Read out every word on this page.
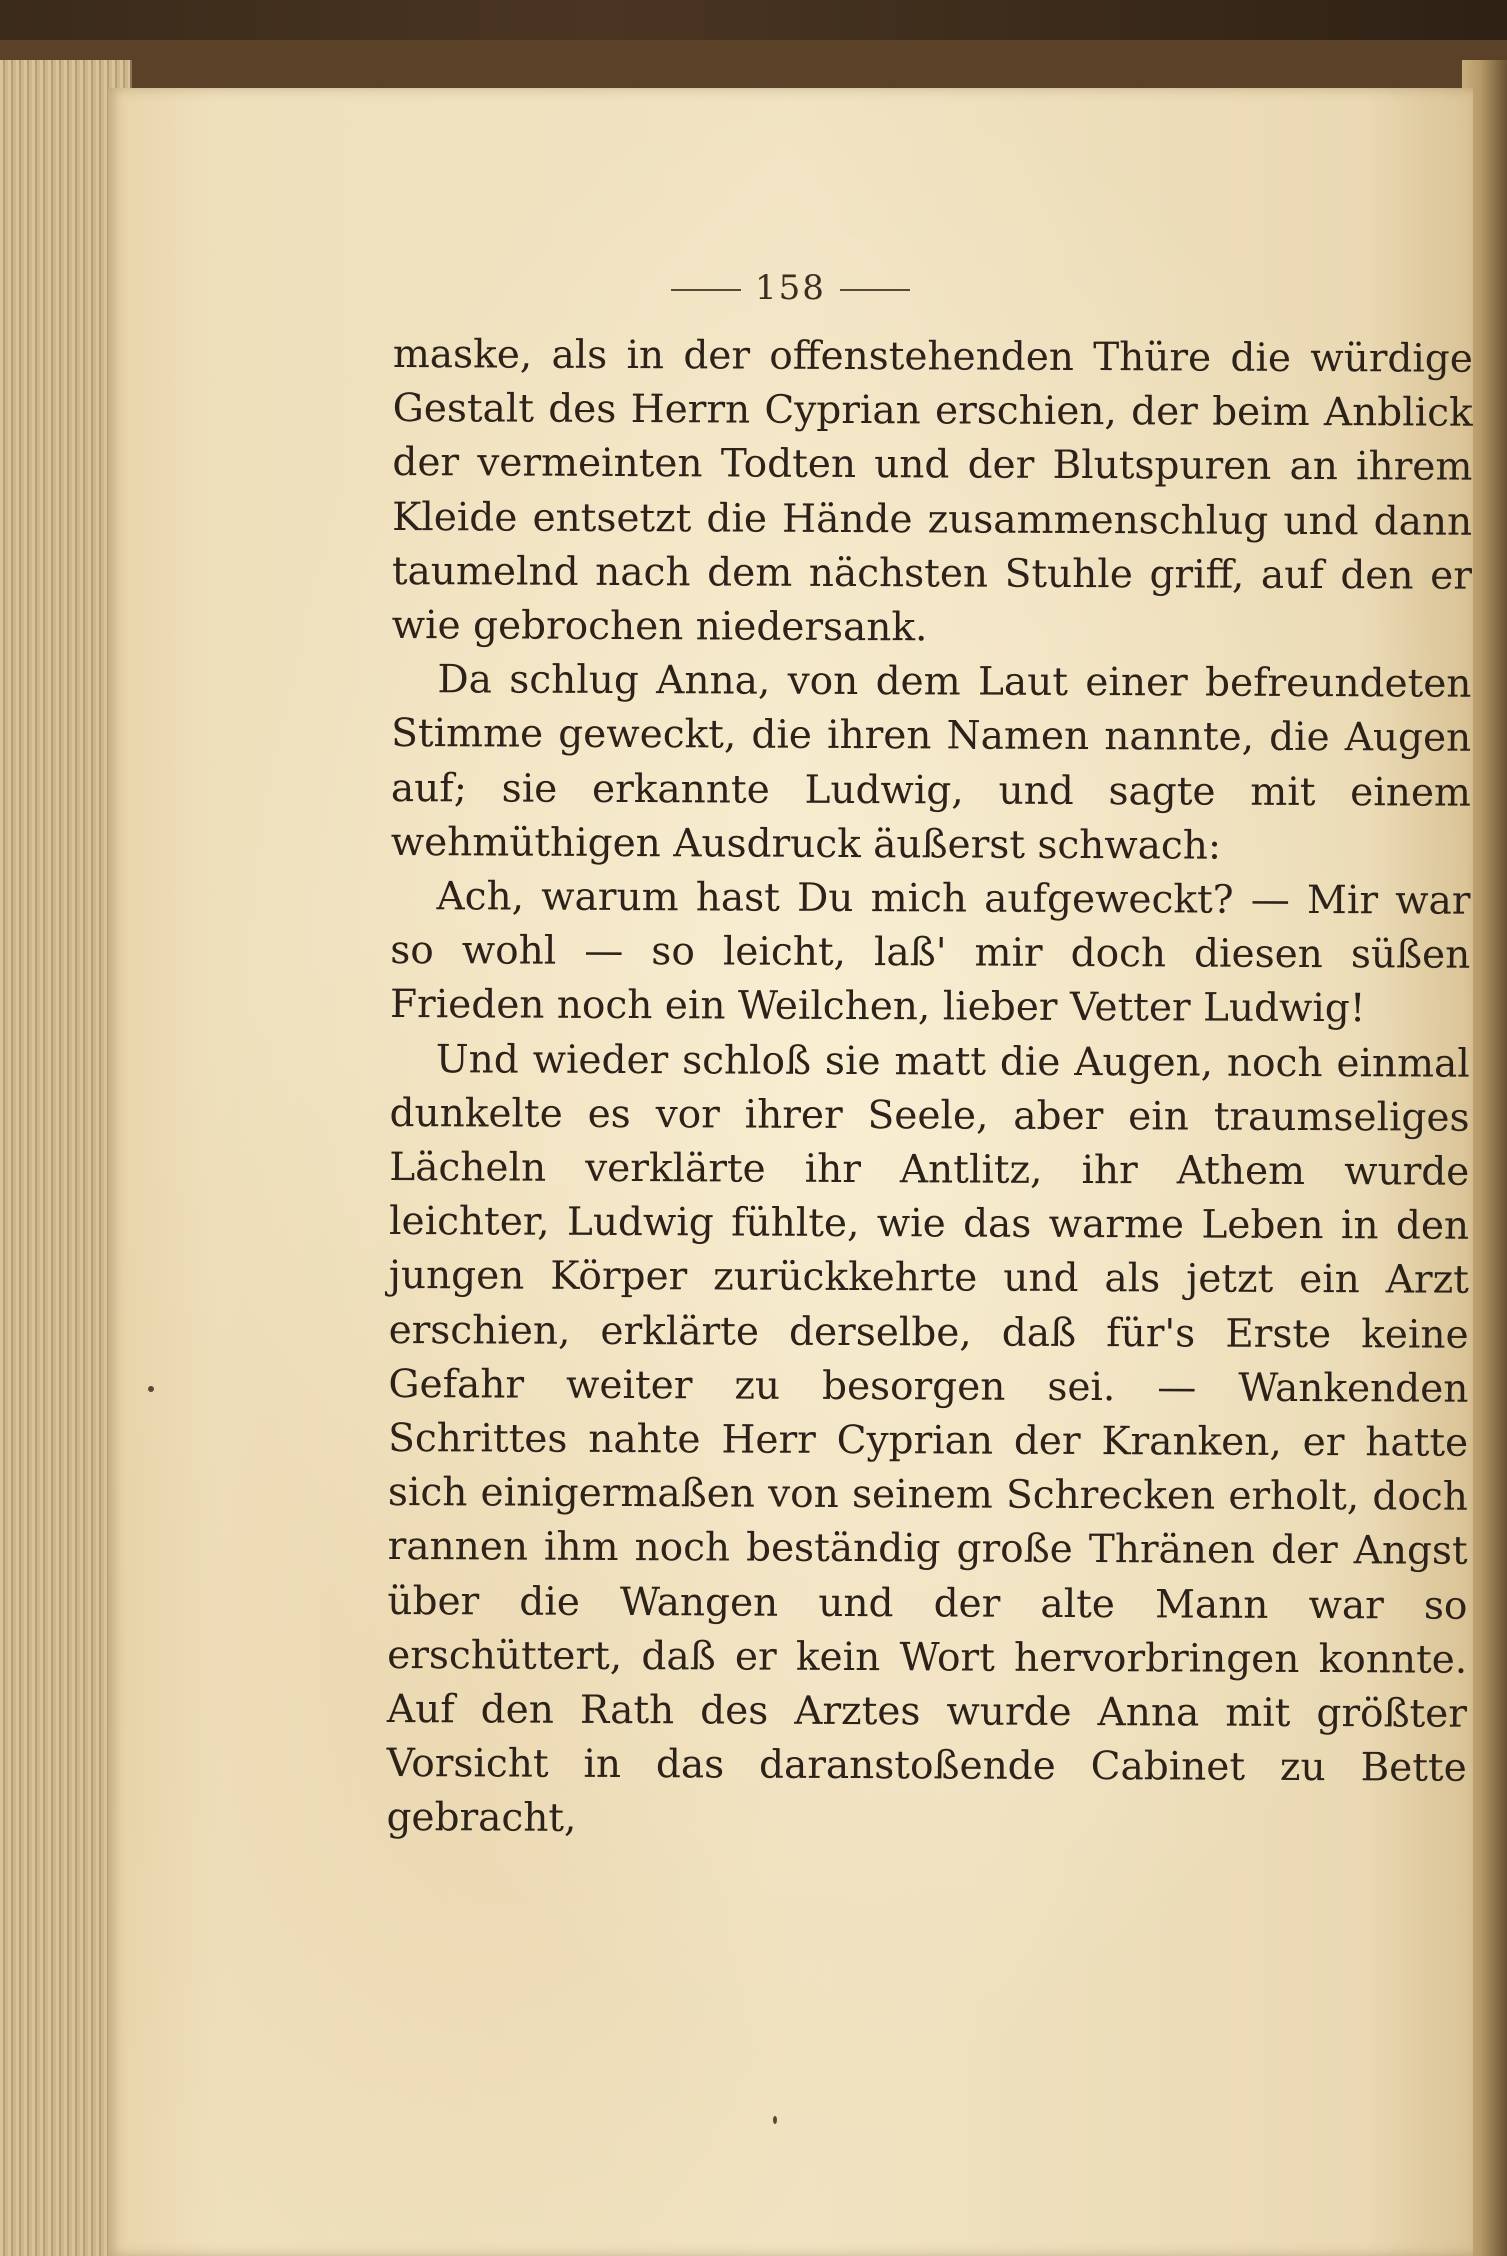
158

maske, als in der offenstehenden Thüre die würdige Gestalt des Herrn Cyprian erschien, der beim Anblick der vermeinten Todten und der Blutspuren an ihrem Kleide entsetzt die Hände zusammenschlug und dann taumelnd nach dem nächsten Stuhle griff, auf den er wie gebrochen niedersank.

Da schlug Anna, von dem Laut einer befreundeten Stimme geweckt, die ihren Namen nannte, die Augen auf; sie erkannte Ludwig, und sagte mit einem wehmüthigen Ausdruck äußerst schwach:

Ach, warum hast Du mich aufgeweckt? — Mir war so wohl — so leicht, laß' mir doch diesen süßen Frieden noch ein Weilchen, lieber Vetter Ludwig!

Und wieder schloß sie matt die Augen, noch einmal dunkelte es vor ihrer Seele, aber ein traumseliges Lächeln verklärte ihr Antlitz, ihr Athem wurde leichter, Ludwig fühlte, wie das warme Leben in den jungen Körper zurückkehrte und als jetzt ein Arzt erschien, erklärte derselbe, daß für's Erste keine Gefahr weiter zu besorgen sei. — Wankenden Schrittes nahte Herr Cyprian der Kranken, er hatte sich einigermaßen von seinem Schrecken erholt, doch rannen ihm noch beständig große Thränen der Angst über die Wangen und der alte Mann war so erschüttert, daß er kein Wort hervorbringen konnte. Auf den Rath des Arztes wurde Anna mit größter Vorsicht in das daranstoßende Cabinet zu Bette gebracht,
